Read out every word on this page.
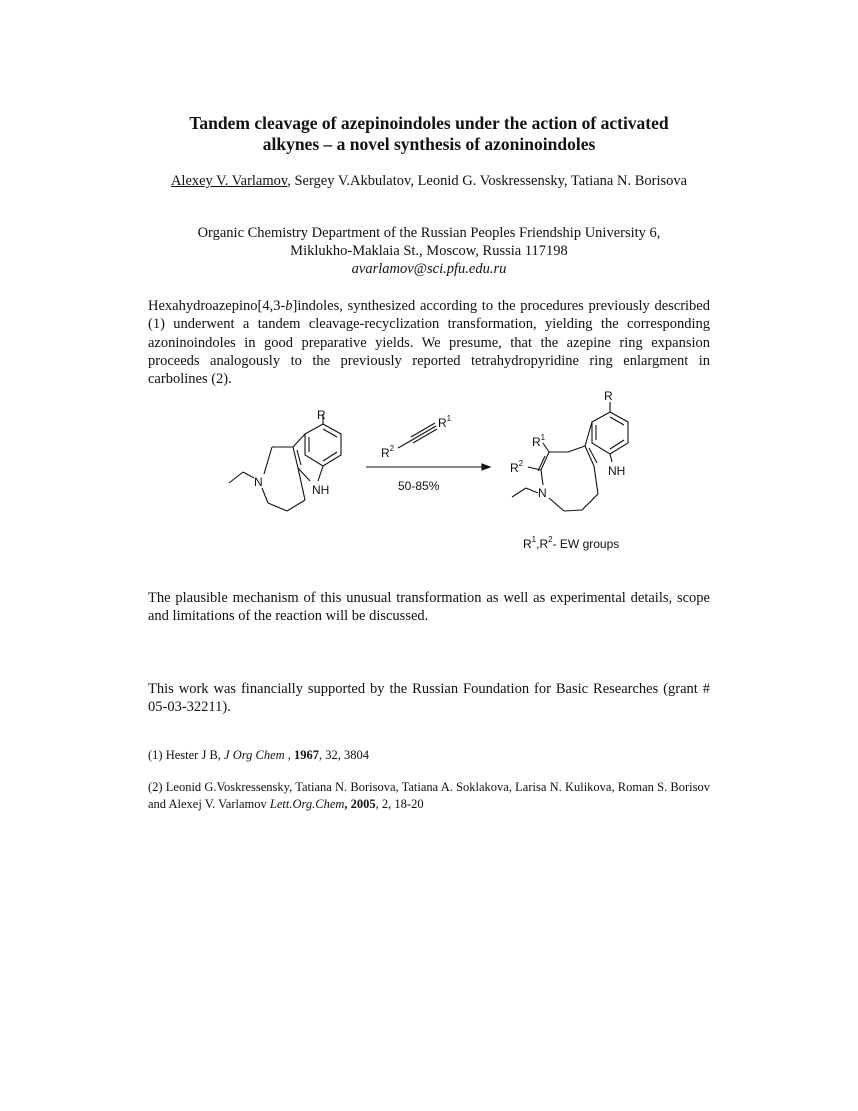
Tandem cleavage of azepinoindoles under the action of activated
alkynes – a novel synthesis of azoninoindoles
Alexey V. Varlamov, Sergey V.Akbulatov, Leonid G. Voskressensky, Tatiana N. Borisova
Organic Chemistry Department of the Russian Peoples Friendship University 6,
Miklukho-Maklaia St., Moscow, Russia 117198
avarlamov@sci.pfu.edu.ru
Hexahydroazepino[4,3-b]indoles, synthesized according to the procedures previously described (1) underwent a tandem cleavage-recyclization transformation, yielding the corresponding azoninoindoles in good preparative yields. We presume, that the azepine ring expansion proceeds analogously to the previously reported tetrahydropyridine ring enlargment in carbolines (2).
R
N
NH
$R^2$
$R^1$
50-85%
R
$R^1$
$R^2$
N
NH
$R^1,R^2-$ EW groups
The plausible mechanism of this unusual transformation as well as experimental details, scope and limitations of the reaction will be discussed.
This work was financially supported by the Russian Foundation for Basic Researches (grant # 05-03-32211).
(1) Hester J B, J Org Chem , 1967, 32, 3804
(2) Leonid G.Voskressensky, Tatiana N. Borisova, Tatiana A. Soklakova, Larisa N. Kulikova, Roman S. Borisov and Alexej V. Varlamov Lett.Org.Chem, 2005, 2, 18-20
